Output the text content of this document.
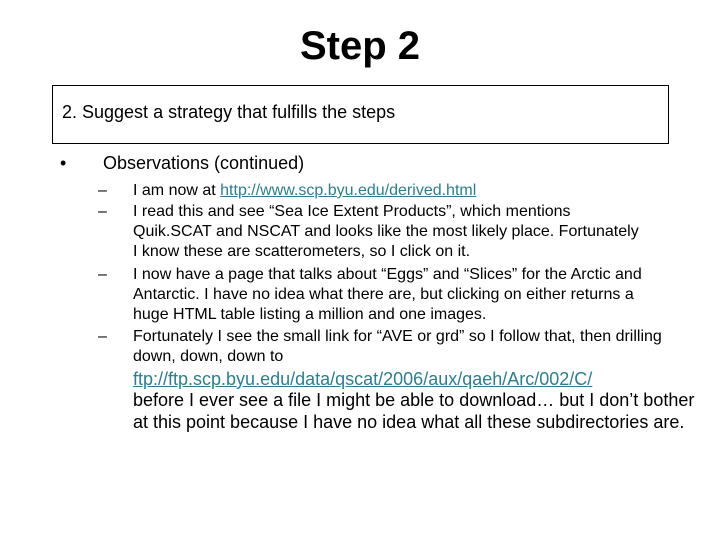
Step 2
2. Suggest a strategy that fulfills the steps
• Observations (continued)
– I am now at http://www.scp.byu.edu/derived.html
– I read this and see “Sea Ice Extent Products”, which mentions Quik.SCAT and NSCAT and looks like the most likely place. Fortunately I know these are scatterometers, so I click on it.
– I now have a page that talks about “Eggs” and “Slices” for the Arctic and Antarctic. I have no idea what there are, but clicking on either returns a huge HTML table listing a million and one images.
– Fortunately I see the small link for “AVE or grd” so I follow that, then drilling down, down, down to
ftp://ftp.scp.byu.edu/data/qscat/2006/aux/qaeh/Arc/002/C/
before I ever see a file I might be able to download… but I don’t bother at this point because I have no idea what all these subdirectories are.
